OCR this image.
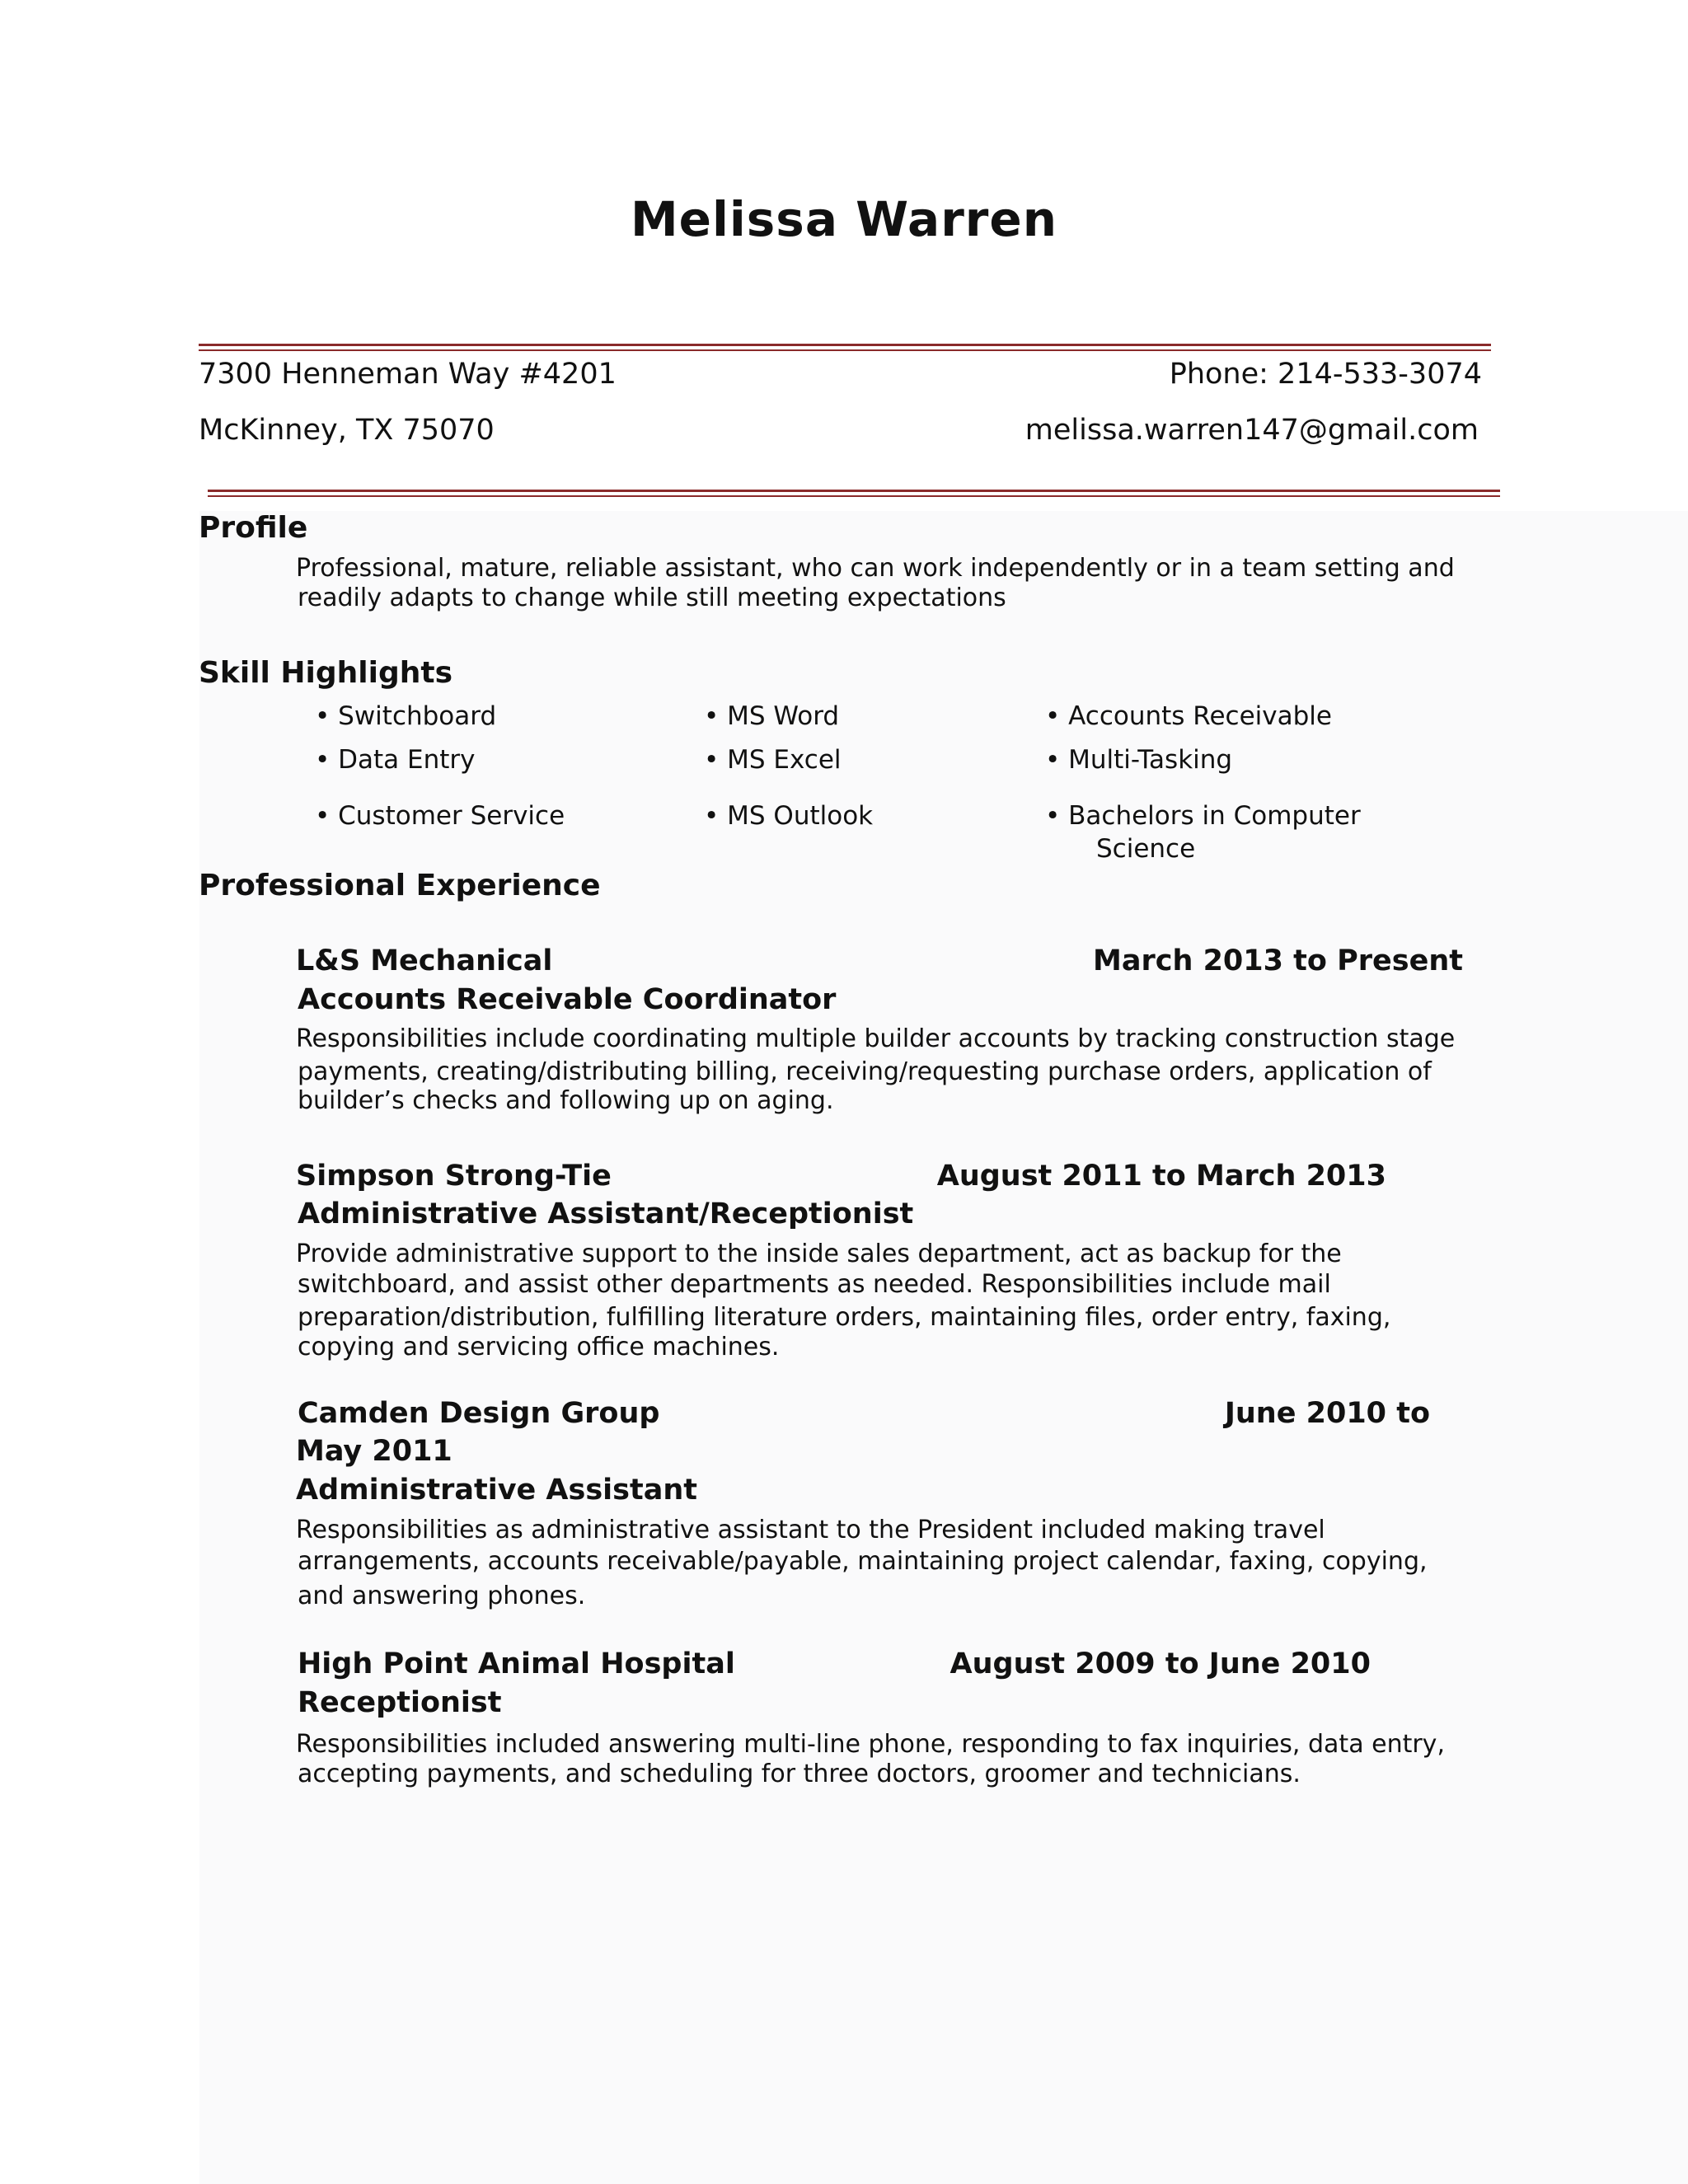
Melissa Warren
7300 Henneman Way #4201	Phone: 214-533-3074
McKinney, TX 75070	melissa.warren147@gmail.com
Profile
Professional, mature, reliable assistant, who can work independently or in a team setting and
readily adapts to change while still meeting expectations
Skill Highlights
• Switchboard
• Data Entry
• Customer Service
• MS Word
• MS Excel
• MS Outlook
• Accounts Receivable
• Multi-Tasking
• Bachelors in Computer
Science
Professional Experience
L&S Mechanical	March 2013 to Present
Accounts Receivable Coordinator
Responsibilities include coordinating multiple builder accounts by tracking construction stage
payments, creating/distributing billing, receiving/requesting purchase orders, application of
builder’s checks and following up on aging.
Simpson Strong-Tie	August 2011 to March 2013
Administrative Assistant/Receptionist
Provide administrative support to the inside sales department, act as backup for the
switchboard, and assist other departments as needed. Responsibilities include mail
preparation/distribution, fulfilling literature orders, maintaining files, order entry, faxing,
copying and servicing office machines.
Camden Design Group	June 2010 to
May 2011
Administrative Assistant
Responsibilities as administrative assistant to the President included making travel
arrangements, accounts receivable/payable, maintaining project calendar, faxing, copying,
and answering phones.
High Point Animal Hospital	August 2009 to June 2010
Receptionist
Responsibilities included answering multi-line phone, responding to fax inquiries, data entry,
accepting payments, and scheduling for three doctors, groomer and technicians.
